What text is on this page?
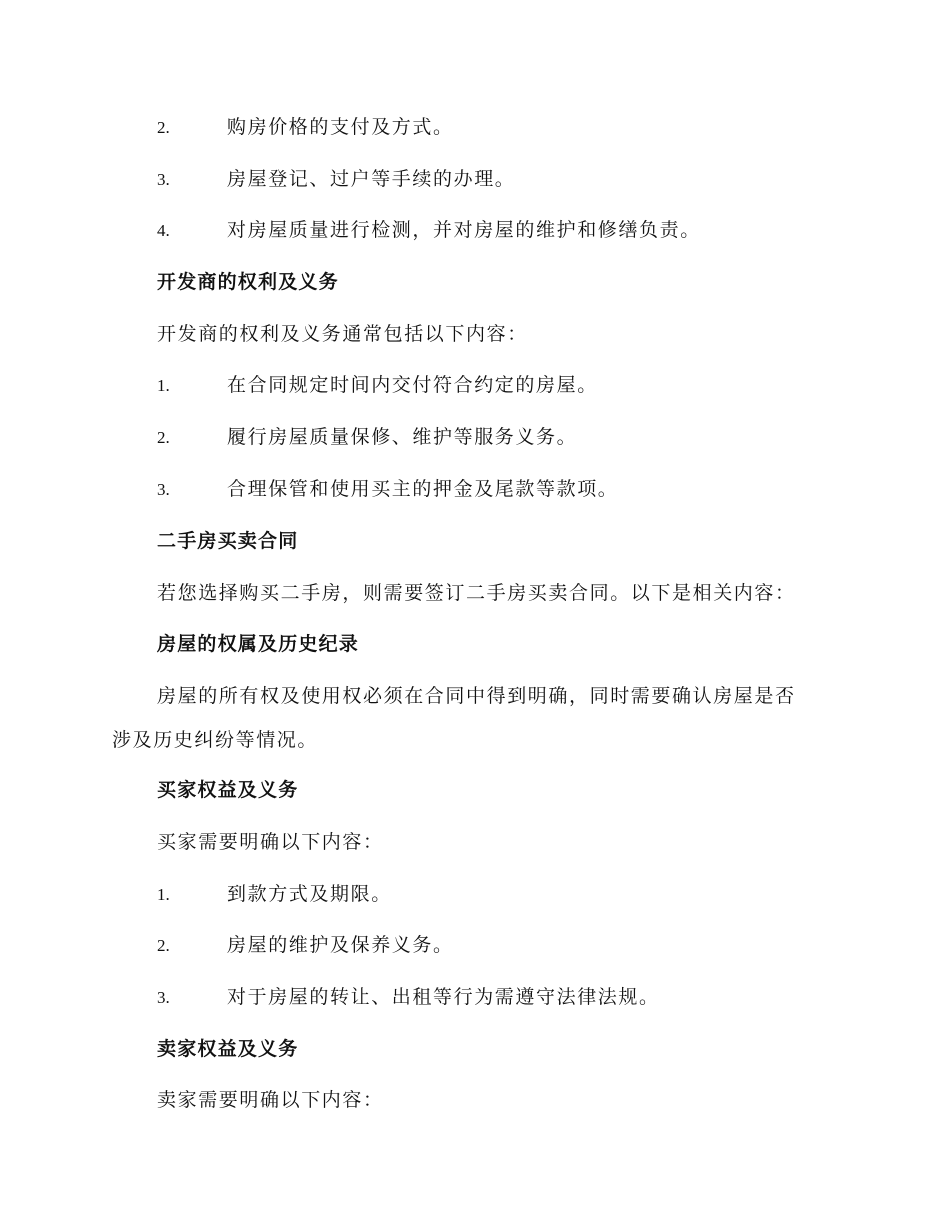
2.	购房价格的支付及方式。
3.	房屋登记、过户等手续的办理。
4.	对房屋质量进行检测，并对房屋的维护和修缮负责。
开发商的权利及义务
开发商的权利及义务通常包括以下内容：
1.	在合同规定时间内交付符合约定的房屋。
2.	履行房屋质量保修、维护等服务义务。
3.	合理保管和使用买主的押金及尾款等款项。
二手房买卖合同
若您选择购买二手房，则需要签订二手房买卖合同。以下是相关内容：
房屋的权属及历史纪录
房屋的所有权及使用权必须在合同中得到明确，同时需要确认房屋是否
涉及历史纠纷等情况。
买家权益及义务
买家需要明确以下内容：
1.	到款方式及期限。
2.	房屋的维护及保养义务。
3.	对于房屋的转让、出租等行为需遵守法律法规。
卖家权益及义务
卖家需要明确以下内容：
